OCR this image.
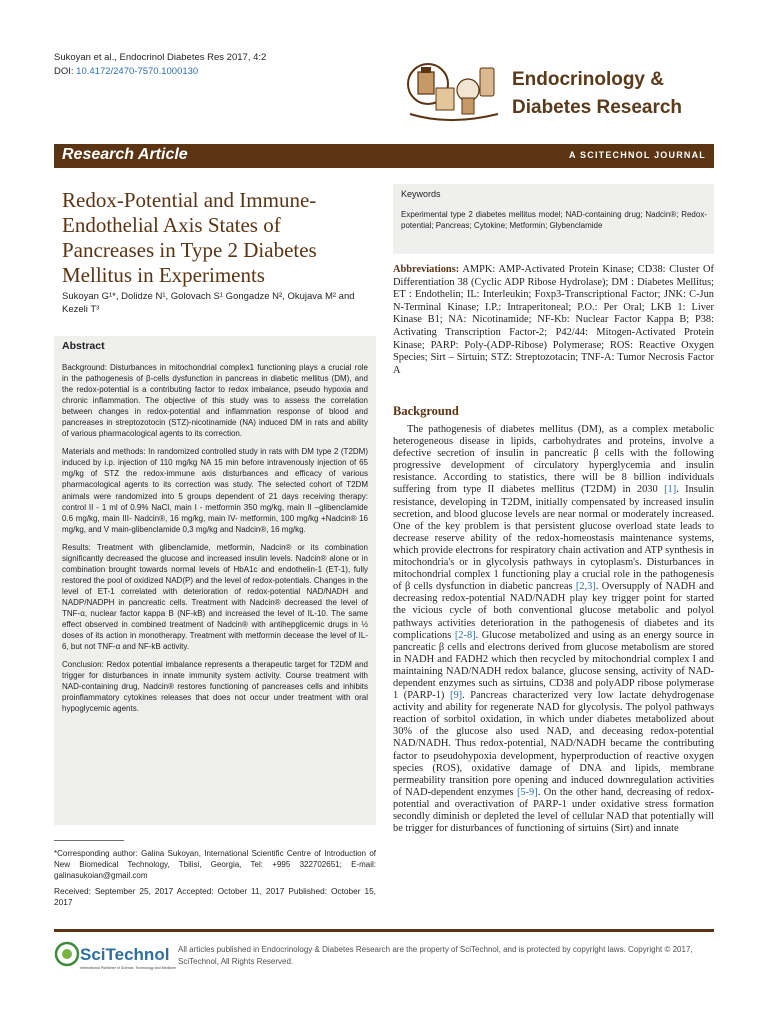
Sukoyan et al., Endocrinol Diabetes Res 2017, 4:2
DOI: 10.4172/2470-7570.1000130	Endocrinology &
Diabetes Research
Research Article	A SCITECHNOL JOURNAL
Redox-Potential and Immune-Endothelial Axis States of Pancreases in Type 2 Diabetes Mellitus in Experiments
Sukoyan G¹*, Dolidze N¹, Golovach S¹ Gongadze N², Okujava M² and Kezeli T³
Abstract

Background: Disturbances in mitochondrial complex1 functioning plays a crucial role in the pathogenesis of β-cells dysfunction in pancreas in diabetic mellitus (DM), and the redox-potential is a contributing factor to redox imbalance, pseudo hypoxia and chronic inflammation. The objective of this study was to assess the correlation between changes in redox-potential and inflammation response of blood and pancreases in streptozotocin (STZ)-nicotinamide (NA) induced DM in rats and ability of various pharmacological agents to its correction.

Materials and methods: In randomized controlled study in rats with DM type 2 (T2DM) induced by i.p. injection of 110 mg/kg NA 15 min before intravenously injection of 65 mg/kg of STZ the redox-immune axis disturbances and efficacy of various pharmacological agents to its correction was study. The selected cohort of T2DM animals were randomized into 5 groups dependent of 21 days receiving therapy: control II - 1 ml of 0.9% NaCl, main I - metformin 350 mg/kg, main II –glibenclamide 0.6 mg/kg, main III- Nadcin®, 16 mg/kg, main IV- metformin, 100 mg/kg +Nadcin® 16 mg/kg, and V main-glibenclamide 0,3 mg/kg and Nadcin®, 16 mg/kg.

Results: Treatment with glibenclamide, metformin, Nadcin® or its combination significantly decreased the glucose and increased insulin levels. Nadcin® alone or in combination brought towards normal levels of HbA1c and endothelin-1 (ET-1), fully restored the pool of oxidized NAD(P) and the level of redox-potentials. Changes in the level of ET-1 correlated with deterioration of redox-potential NAD/NADH and NADP/NADPH in pancreatic cells. Treatment with Nadcin® decreased the level of TNF-α, nuclear factor kappa B (NF-kB) and increased the level of IL-10. The same effect observed in combined treatment of Nadcin® with antihepglicemic drugs in ½ doses of its action in monotherapy. Treatment with metformin decease the level of IL-6, but not TNF-α and NF-kB activity.

Conclusion: Redox potential imbalance represents a therapeutic target for T2DM and trigger for disturbances in innate immunity system activity. Course treatment with NAD-containing drug, Nadcin® restores functioning of pancreases cells and inhibits proinflammatory cytokines releases that does not occur under treatment with oral hypoglycemic agents.

*Corresponding author: Galina Sukoyan, International Scientific Centre of Introduction of New Biomedical Technology, Tbilisi, Georgia, Tel: +995 322702651; E-mail: galinasukoian@gmail.com
Received: September 25, 2017 Accepted: October 11, 2017 Published: October 15, 2017
Keywords
Experimental type 2 diabetes mellitus model; NAD-containing drug; Nadcin®; Redox-potential; Pancreas; Cytokine; Metformin; Glybenclamide
Abbreviations: AMPK: AMP-Activated Protein Kinase; CD38: Cluster Of Differentiation 38 (Cyclic ADP Ribose Hydrolase); DM : Diabetes Mellitus; ET : Endothelin; IL: Interleukin; Foxp3-Transcriptional Factor; JNK: C-Jun N-Terminal Kinase; I.P.: Intraperitoneal; P.O.: Per Oral; LKB 1: Liver Kinase B1; NA: Nicotinamide; NF-Kb: Nuclear Factor Kappa B; P38: Activating Transcription Factor-2; P42/44: Mitogen-Activated Protein Kinase; PARP: Poly-(ADP-Ribose) Polymerase; ROS: Reactive Oxygen Species; Sirt – Sirtuin; STZ: Streptozotacin; TNF-A: Tumor Necrosis Factor A
Background
The pathogenesis of diabetes mellitus (DM), as a complex metabolic heterogeneous disease in lipids, carbohydrates and proteins, involve a defective secretion of insulin in pancreatic β cells with the following progressive development of circulatory hyperglycemia and insulin resistance. According to statistics, there will be 8 billion individuals suffering from type II diabetes mellitus (T2DM) in 2030 [1]. Insulin resistance, developing in T2DM, initially compensated by increased insulin secretion, and blood glucose levels are near normal or moderately increased. One of the key problem is that persistent glucose overload state leads to decrease reserve ability of the redox-homeostasis maintenance systems, which provide electrons for respiratory chain activation and ATP synthesis in mitochondria's or in glycolysis pathways in cytoplasm's. Disturbances in mitochondrial complex 1 functioning play a crucial role in the pathogenesis of β cells dysfunction in diabetic pancreas [2,3]. Oversupply of NADH and decreasing redox-potential NAD/NADH play key trigger point for started the vicious cycle of both conventional glucose metabolic and polyol pathways activities deterioration in the pathogenesis of diabetes and its complications [2-8]. Glucose metabolized and using as an energy source in pancreatic β cells and electrons derived from glucose metabolism are stored in NADH and FADH2 which then recycled by mitochondrial complex I and maintaining NAD/NADH redox balance, glucose sensing, activity of NAD-dependent enzymes such as sirtuins, CD38 and polyADP ribose polymerase 1 (PARP-1) [9]. Pancreas characterized very low lactate dehydrogenase activity and ability for regenerate NAD for glycolysis. The polyol pathways reaction of sorbitol oxidation, in which under diabetes metabolized about 30% of the glucose also used NAD, and deceasing redox-potential NAD/NADH. Thus redox-potential, NAD/NADH became the contributing factor to pseudohypoxia development, hyperproduction of reactive oxygen species (ROS), oxidative damage of DNA and lipids, membrane permeability transition pore opening and induced downregulation activities of NAD-dependent enzymes [5-9]. On the other hand, decreasing of redox-potential and overactivation of PARP-1 under oxidative stress formation secondly diminish or depleted the level of cellular NAD that potentially will be trigger for disturbances of functioning of sirtuins (Sirt) and innate
SciTechnol
International Publisher of Science, Technology and Medicine
All articles published in Endocrinology & Diabetes Research are the property of SciTechnol, and is protected by copyright laws. Copyright © 2017, SciTechnol, All Rights Reserved.
